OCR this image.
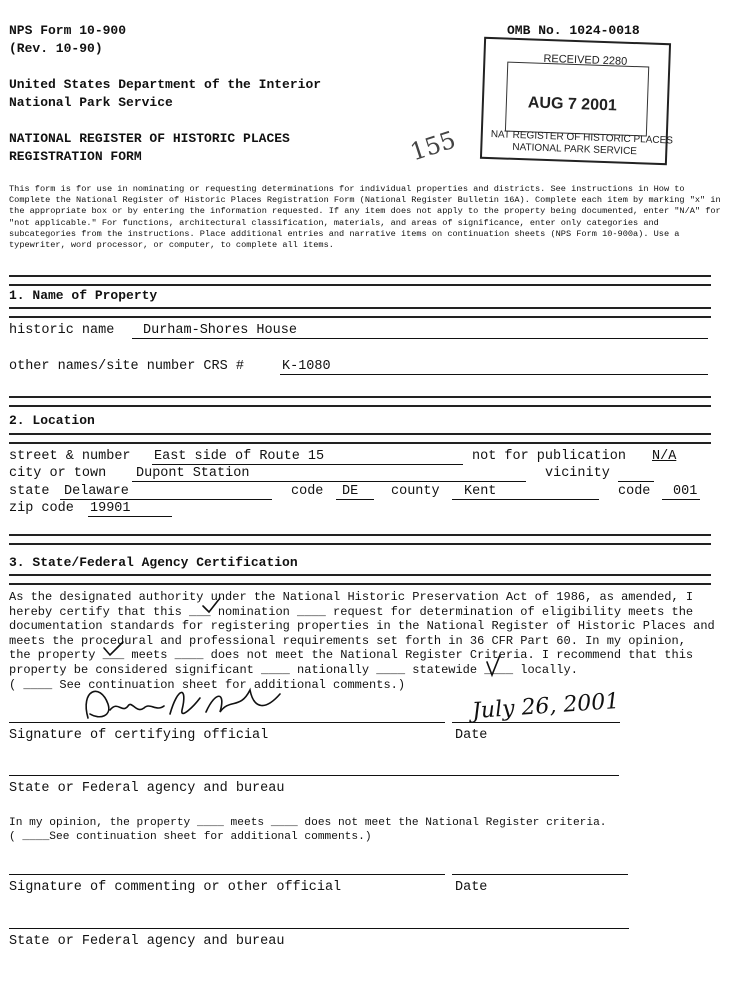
NPS Form 10-900
(Rev. 10-90)
OMB No. 1024-0018
United States Department of the Interior
National Park Service
NATIONAL REGISTER OF HISTORIC PLACES
REGISTRATION FORM	155
RECEIVED 2280
AUG 7 2001
NAT REGISTER OF HISTORIC PLACES
NATIONAL PARK SERVICE
This form is for use in nominating or requesting determinations for individual properties and districts. See instructions in How to Complete the National Register of Historic Places Registration Form (National Register Bulletin 16A). Complete each item by marking "x" in the appropriate box or by entering the information requested. If any item does not apply to the property being documented, enter "N/A" for "not applicable." For functions, architectural classification, materials, and areas of significance, enter only categories and subcategories from the instructions. Place additional entries and narrative items on continuation sheets (NPS Form 10-900a). Use a typewriter, word processor, or computer, to complete all items.
1. Name of Property
historic name Durham-Shores House
other names/site number CRS #	K-1080
2. Location
street & number East side of Route 15	not for publication N/A
city or town Dupont Station	vicinity
state Delaware	code DE county Kent	code 001
zip code 19901
3. State/Federal Agency Certification
As the designated authority under the National Historic Preservation Act of 1986, as amended, I
hereby certify that this ___ nomination ____ request for determination of eligibility meets the
documentation standards for registering properties in the National Register of Historic Places and
meets the procedural and professional requirements set forth in 36 CFR Part 60. In my opinion,
the property ___ meets ____ does not meet the National Register Criteria. I recommend that this
property be considered significant ____ nationally ____ statewide ____ locally.
( ____ See continuation sheet for additional comments.)
Signature of certifying official
July 26, 2001
Date
State or Federal agency and bureau
In my opinion, the property ____ meets ____ does not meet the National Register criteria.
( ____See continuation sheet for additional comments.)
Signature of commenting or other official	Date
State or Federal agency and bureau
